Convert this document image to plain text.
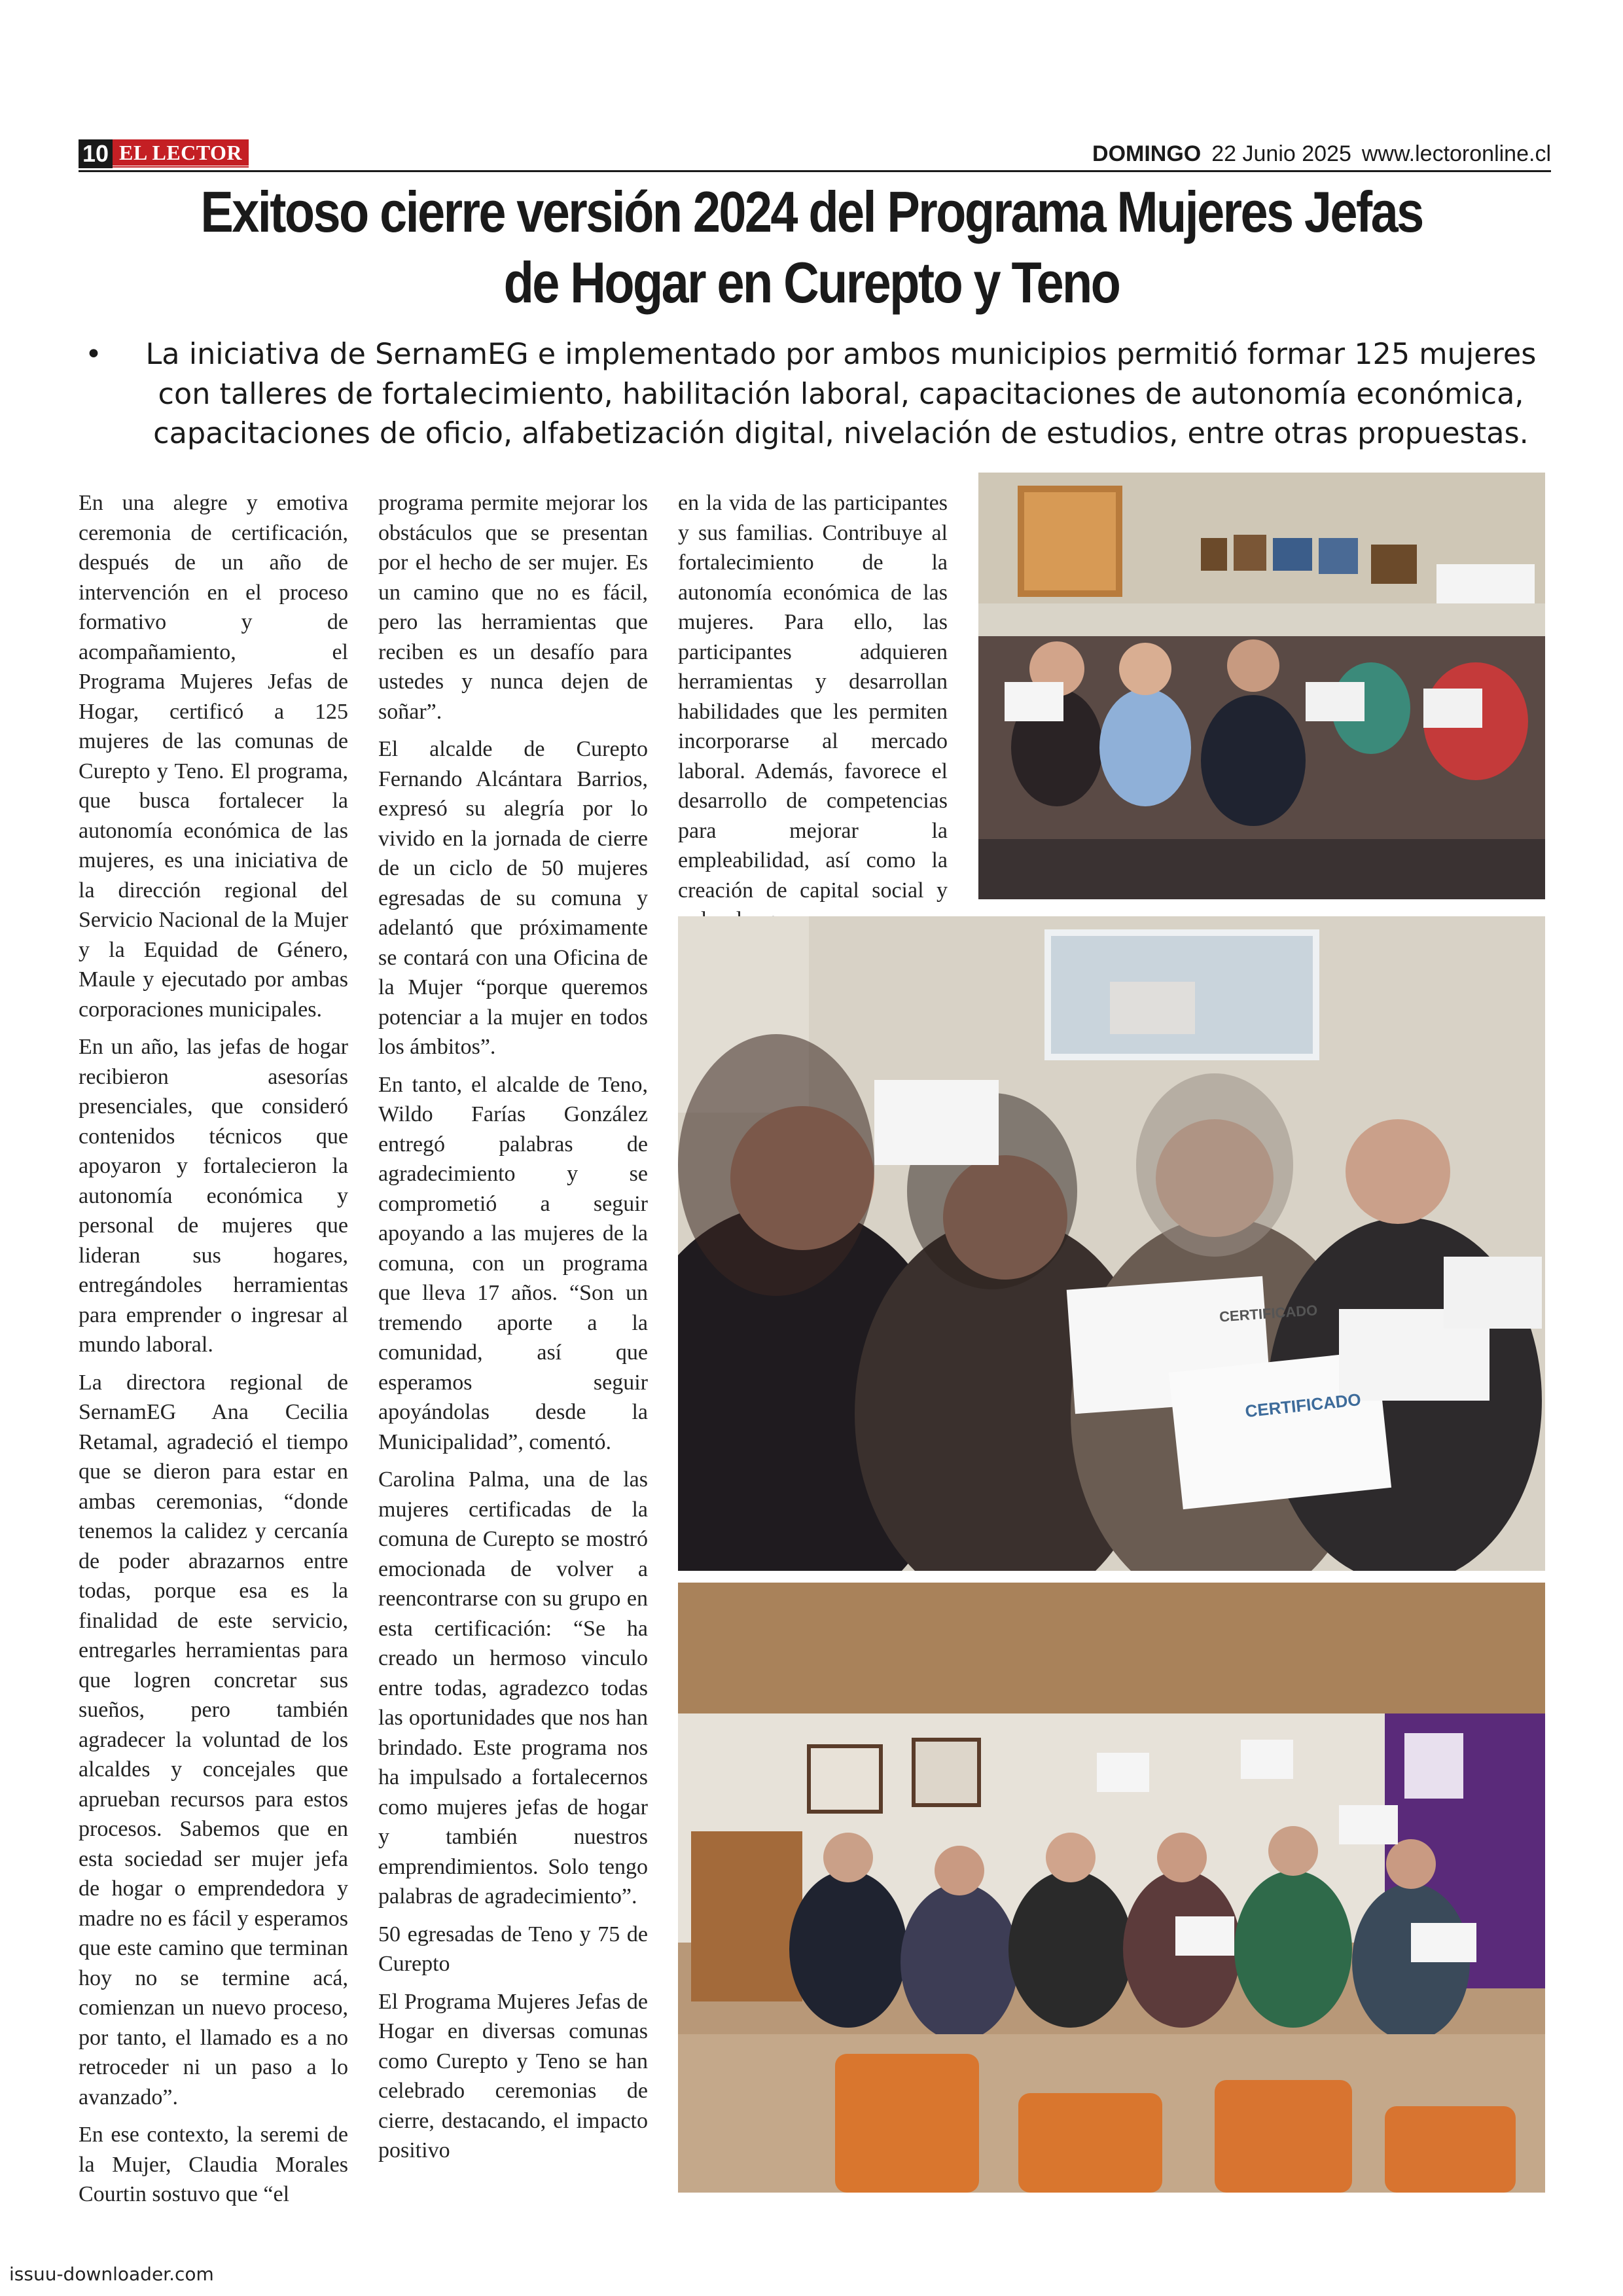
10 EL LECTOR	DOMINGO 22 Junio 2025 www.lectoronline.cl
Exitoso cierre versión 2024 del Programa Mujeres Jefas de Hogar en Curepto y Teno
• La iniciativa de SernamEG e implementado por ambos municipios permitió formar 125 mujeres con talleres de fortalecimiento, habilitación laboral, capacitaciones de autonomía económica, capacitaciones de oficio, alfabetización digital, nivelación de estudios, entre otras propuestas.

En una alegre y emotiva ceremonia de certificación, después de un año de intervención en el proceso formativo y de acompañamiento, el Programa Mujeres Jefas de Hogar, certificó a 125 mujeres de las comunas de Curepto y Teno. El programa, que busca fortalecer la autonomía económica de las mujeres, es una iniciativa de la dirección regional del Servicio Nacional de la Mujer y la Equidad de Género, Maule y ejecutado por ambas corporaciones municipales.

En un año, las jefas de hogar recibieron asesorías presenciales, que consideró contenidos técnicos que apoyaron y fortalecieron la autonomía económica y personal de mujeres que lideran sus hogares, entregándoles herramientas para emprender o ingresar al mundo laboral.

La directora regional de SernamEG Ana Cecilia Retamal, agradeció el tiempo que se dieron para estar en ambas ceremonias, “donde tenemos la calidez y cercanía de poder abrazarnos entre todas, porque esa es la finalidad de este servicio, entregarles herramientas para que logren concretar sus sueños, pero también agradecer la voluntad de los alcaldes y concejales que aprueban recursos para estos procesos. Sabemos que en esta sociedad ser mujer jefa de hogar o emprendedora y madre no es fácil y esperamos que este camino que terminan hoy no se termine acá, comienzan un nuevo proceso, por tanto, el llamado es a no retroceder ni un paso a lo avanzado”.

En ese contexto, la seremi de la Mujer, Claudia Morales Courtin sostuvo que “el

programa permite mejorar los obstáculos que se presentan por el hecho de ser mujer. Es un camino que no es fácil, pero las herramientas que reciben es un desafío para ustedes y nunca dejen de soñar”.

El alcalde de Curepto Fernando Alcántara Barrios, expresó su alegría por lo vivido en la jornada de cierre de un ciclo de 50 mujeres egresadas de su comuna y adelantó que próximamente se contará con una Oficina de la Mujer “porque queremos potenciar a la mujer en todos los ámbitos”.

En tanto, el alcalde de Teno, Wildo Farías González entregó palabras de agradecimiento y se comprometió a seguir apoyando a las mujeres de la comuna, con un programa que lleva 17 años. “Son un tremendo aporte a la comunidad, así que esperamos seguir apoyándolas desde la Municipalidad”, comentó.

Carolina Palma, una de las mujeres certificadas de la comuna de Curepto se mostró emocionada de volver a reencontrarse con su grupo en esta certificación: “Se ha creado un hermoso vinculo entre todas, agradezco todas las oportunidades que nos han brindado. Este programa nos ha impulsado a fortalecernos como mujeres jefas de hogar y también nuestros emprendimientos. Solo tengo palabras de agradecimiento”.

50 egresadas de Teno y 75 de Curepto

El Programa Mujeres Jefas de Hogar en diversas comunas como Curepto y Teno se han celebrado ceremonias de cierre, destacando, el impacto positivo

en la vida de las participantes y sus familias. Contribuye al fortalecimiento de la autonomía económica de las mujeres. Para ello, las participantes adquieren herramientas y desarrollan habilidades que les permiten incorporarse al mercado laboral. Además, favorece el desarrollo de competencias para mejorar la empleabilidad, así como la creación de capital social y

CERTIFICADO
CERTIFICADO
issuu-downloader.com
